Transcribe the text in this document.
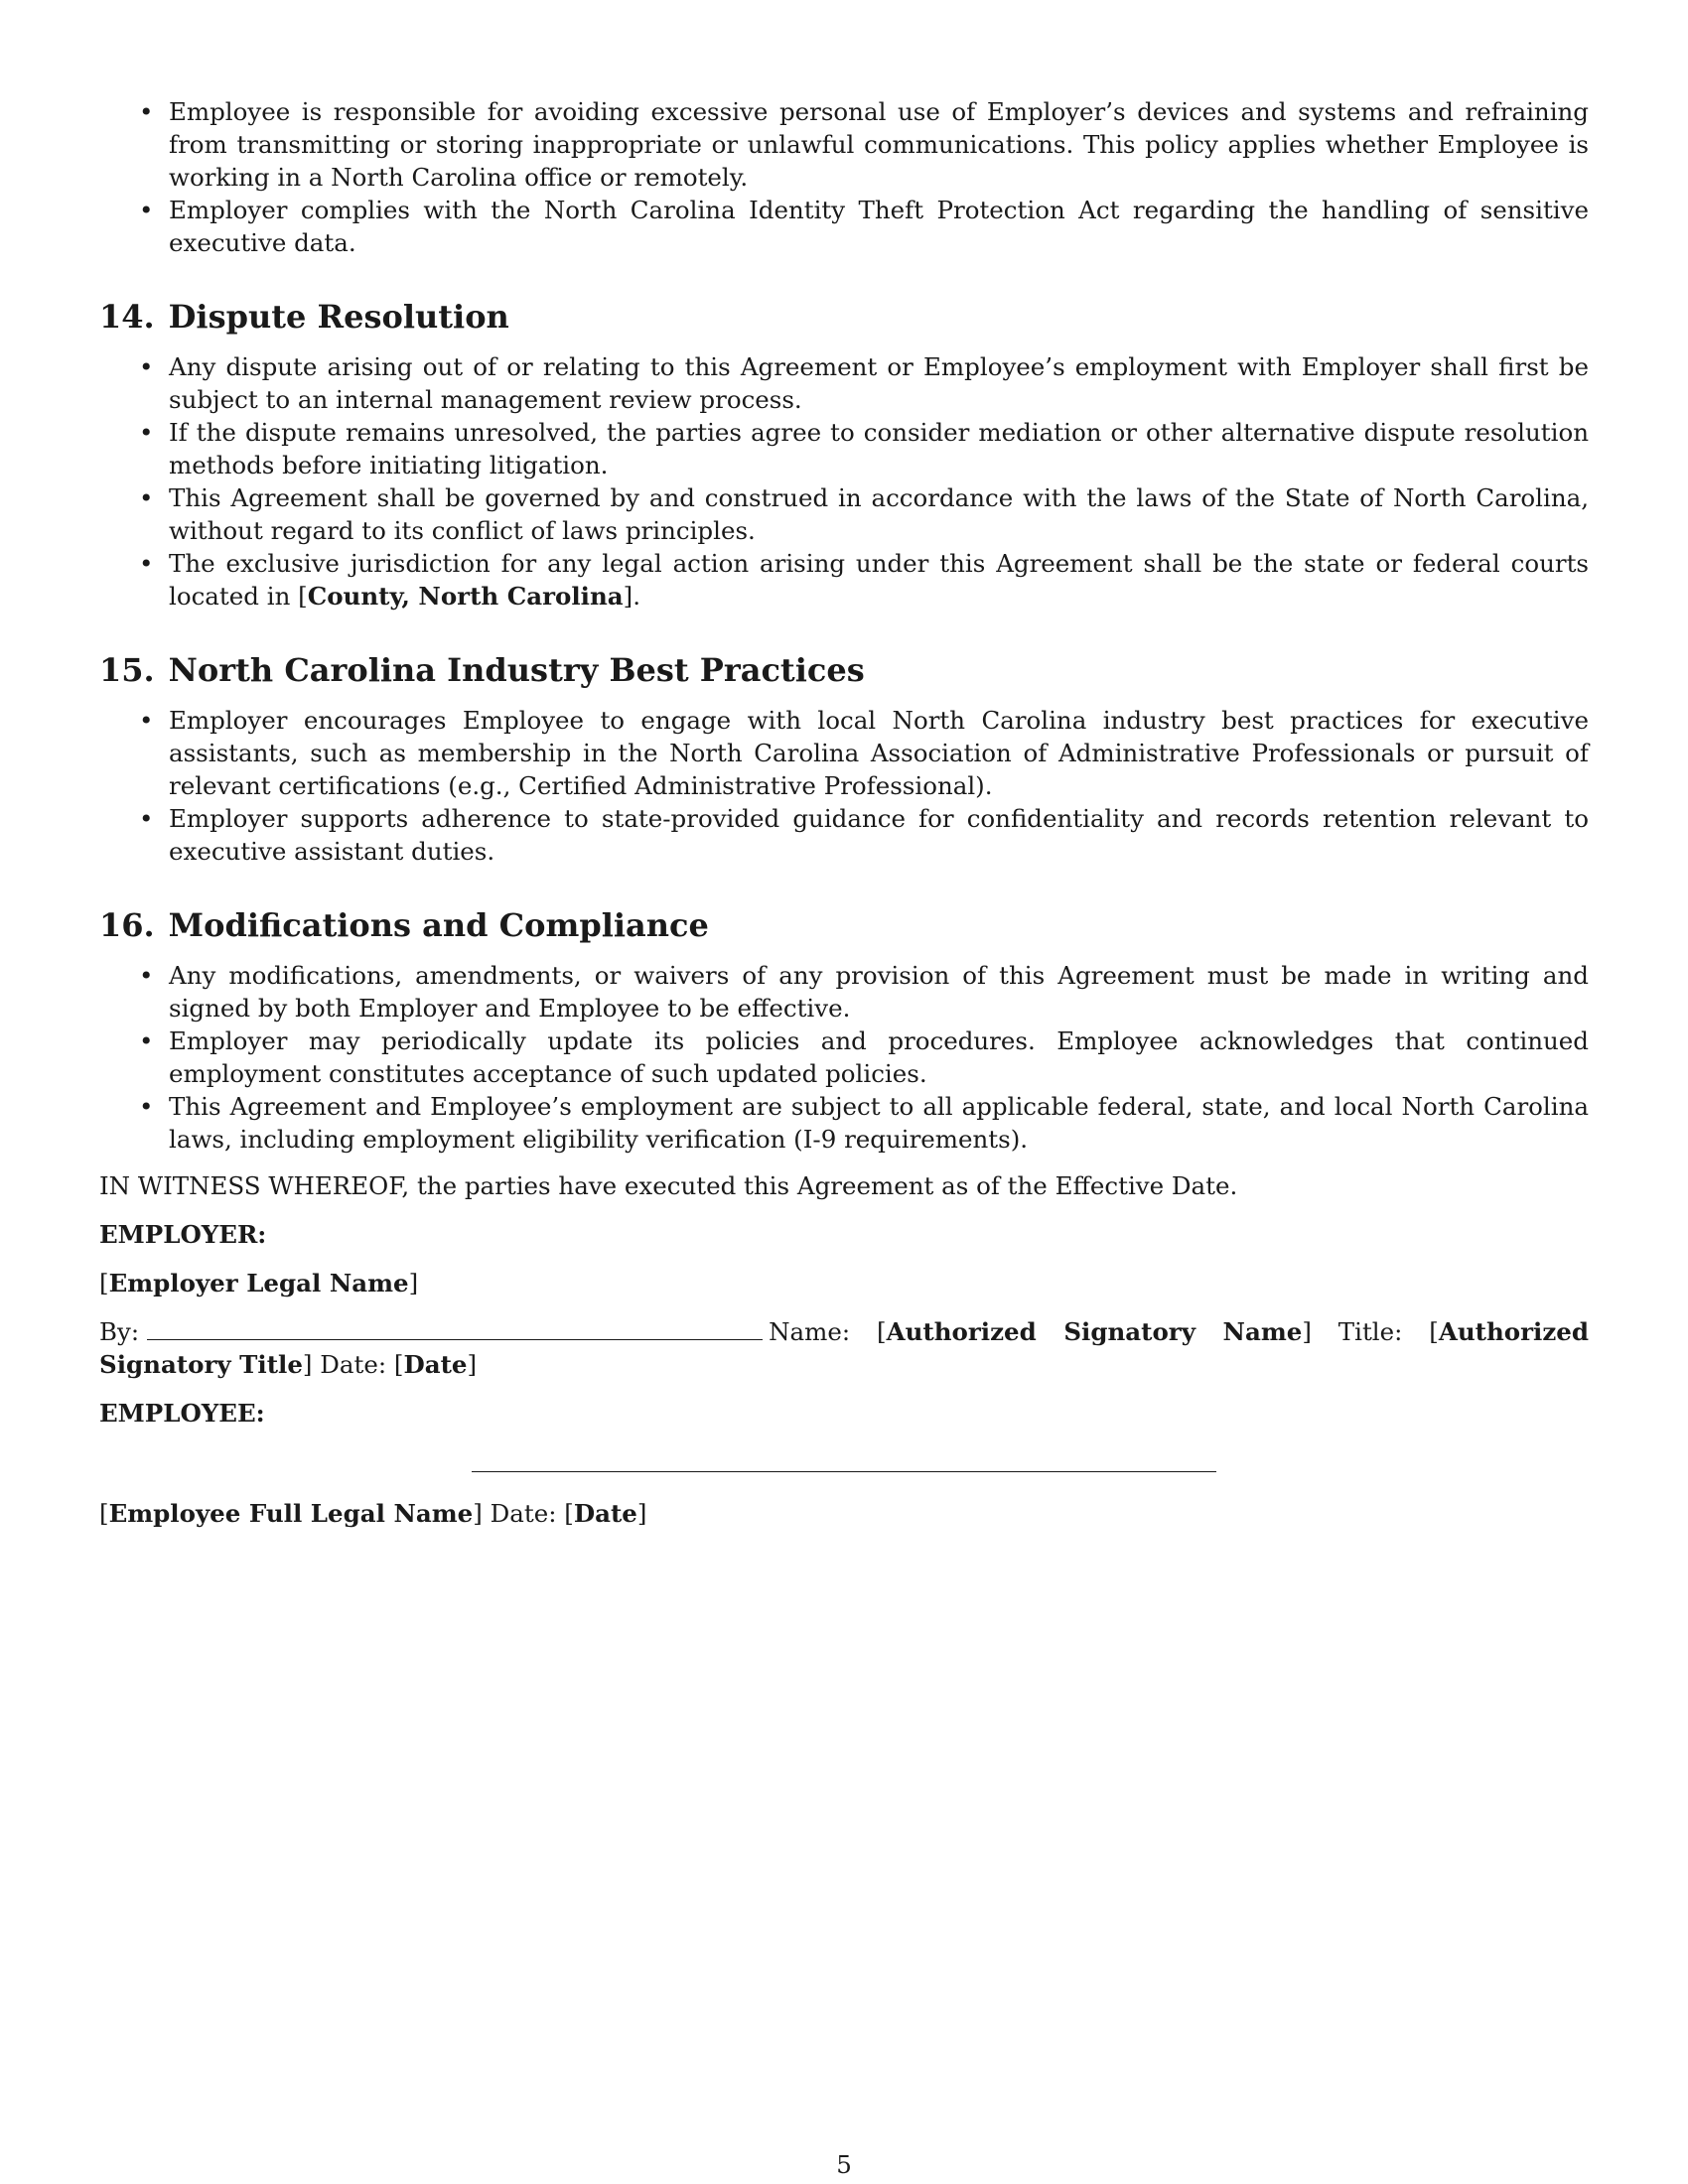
• Employee is responsible for avoiding excessive personal use of Employer’s devices and systems and refraining from transmitting or storing inappropriate or unlawful communications. This policy applies whether Employee is working in a North Carolina office or remotely.
• Employer complies with the North Carolina Identity Theft Protection Act regarding the handling of sensitive executive data.
14. Dispute Resolution
• Any dispute arising out of or relating to this Agreement or Employee’s employment with Employer shall first be subject to an internal management review process.
• If the dispute remains unresolved, the parties agree to consider mediation or other alternative dispute resolution methods before initiating litigation.
• This Agreement shall be governed by and construed in accordance with the laws of the State of North Carolina, without regard to its conflict of laws principles.
• The exclusive jurisdiction for any legal action arising under this Agreement shall be the state or federal courts located in [County, North Carolina].
15. North Carolina Industry Best Practices
• Employer encourages Employee to engage with local North Carolina industry best practices for executive assistants, such as membership in the North Carolina Association of Administrative Professionals or pursuit of relevant certifications (e.g., Certified Administrative Professional).
• Employer supports adherence to state-provided guidance for confidentiality and records retention relevant to executive assistant duties.
16. Modifications and Compliance
• Any modifications, amendments, or waivers of any provision of this Agreement must be made in writing and signed by both Employer and Employee to be effective.
• Employer may periodically update its policies and procedures. Employee acknowledges that continued employment constitutes acceptance of such updated policies.
• This Agreement and Employee’s employment are subject to all applicable federal, state, and local North Carolina laws, including employment eligibility verification (I-9 requirements).

IN WITNESS WHEREOF, the parties have executed this Agreement as of the Effective Date.

EMPLOYER:

[Employer Legal Name]

By:	Name: [Authorized Signatory Name] Title: [Authorized Signatory Title] Date: [Date]

EMPLOYEE:

[Employee Full Legal Name] Date: [Date]

5
